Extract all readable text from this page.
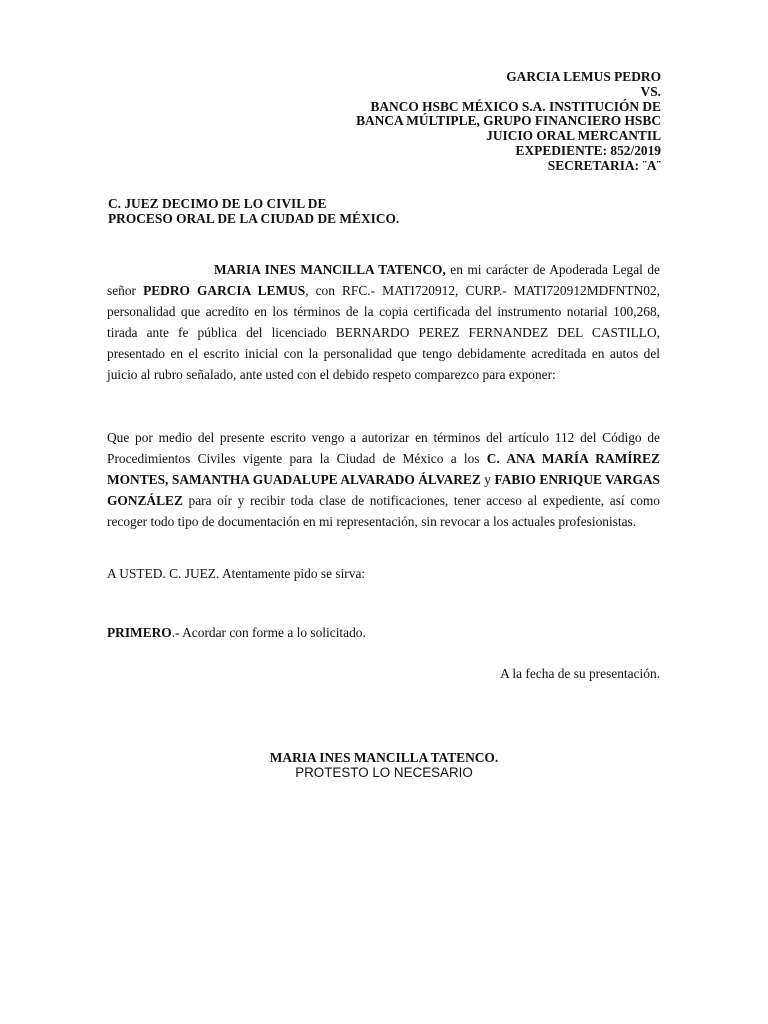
GARCIA LEMUS PEDRO
VS.
BANCO HSBC MÉXICO S.A. INSTITUCIÓN DE
BANCA MÚLTIPLE, GRUPO FINANCIERO HSBC
JUICIO ORAL MERCANTIL
EXPEDIENTE: 852/2019
SECRETARIA: ¨A¨
C. JUEZ DECIMO DE LO CIVIL DE
PROCESO ORAL DE LA CIUDAD DE MÉXICO.

MARIA INES MANCILLA TATENCO, en mi carácter de Apoderada Legal de señor PEDRO GARCIA LEMUS, con RFC.- MATI720912, CURP.- MATI720912MDFNTN02, personalidad que acredito en los términos de la copia certificada del instrumento notarial 100,268, tirada ante fe pública del licenciado BERNARDO PEREZ FERNANDEZ DEL CASTILLO, presentado en el escrito inicial con la personalidad que tengo debidamente acreditada en autos del juicio al rubro señalado, ante usted con el debido respeto comparezco para exponer:

Que por medio del presente escrito vengo a autorizar en términos del artículo 112 del Código de Procedimientos Civiles vigente para la Ciudad de México a los C. ANA MARÍA RAMÍREZ MONTES, SAMANTHA GUADALUPE ALVARADO ÁLVAREZ y FABIO ENRIQUE VARGAS GONZÁLEZ para oír y recibir toda clase de notificaciones, tener acceso al expediente, así como recoger todo tipo de documentación en mi representación, sin revocar a los actuales profesionistas.

A USTED. C. JUEZ. Atentamente pido se sirva:

PRIMERO.- Acordar con forme a lo solicitado.

A la fecha de su presentación.
MARIA INES MANCILLA TATENCO.
PROTESTO LO NECESARIO
